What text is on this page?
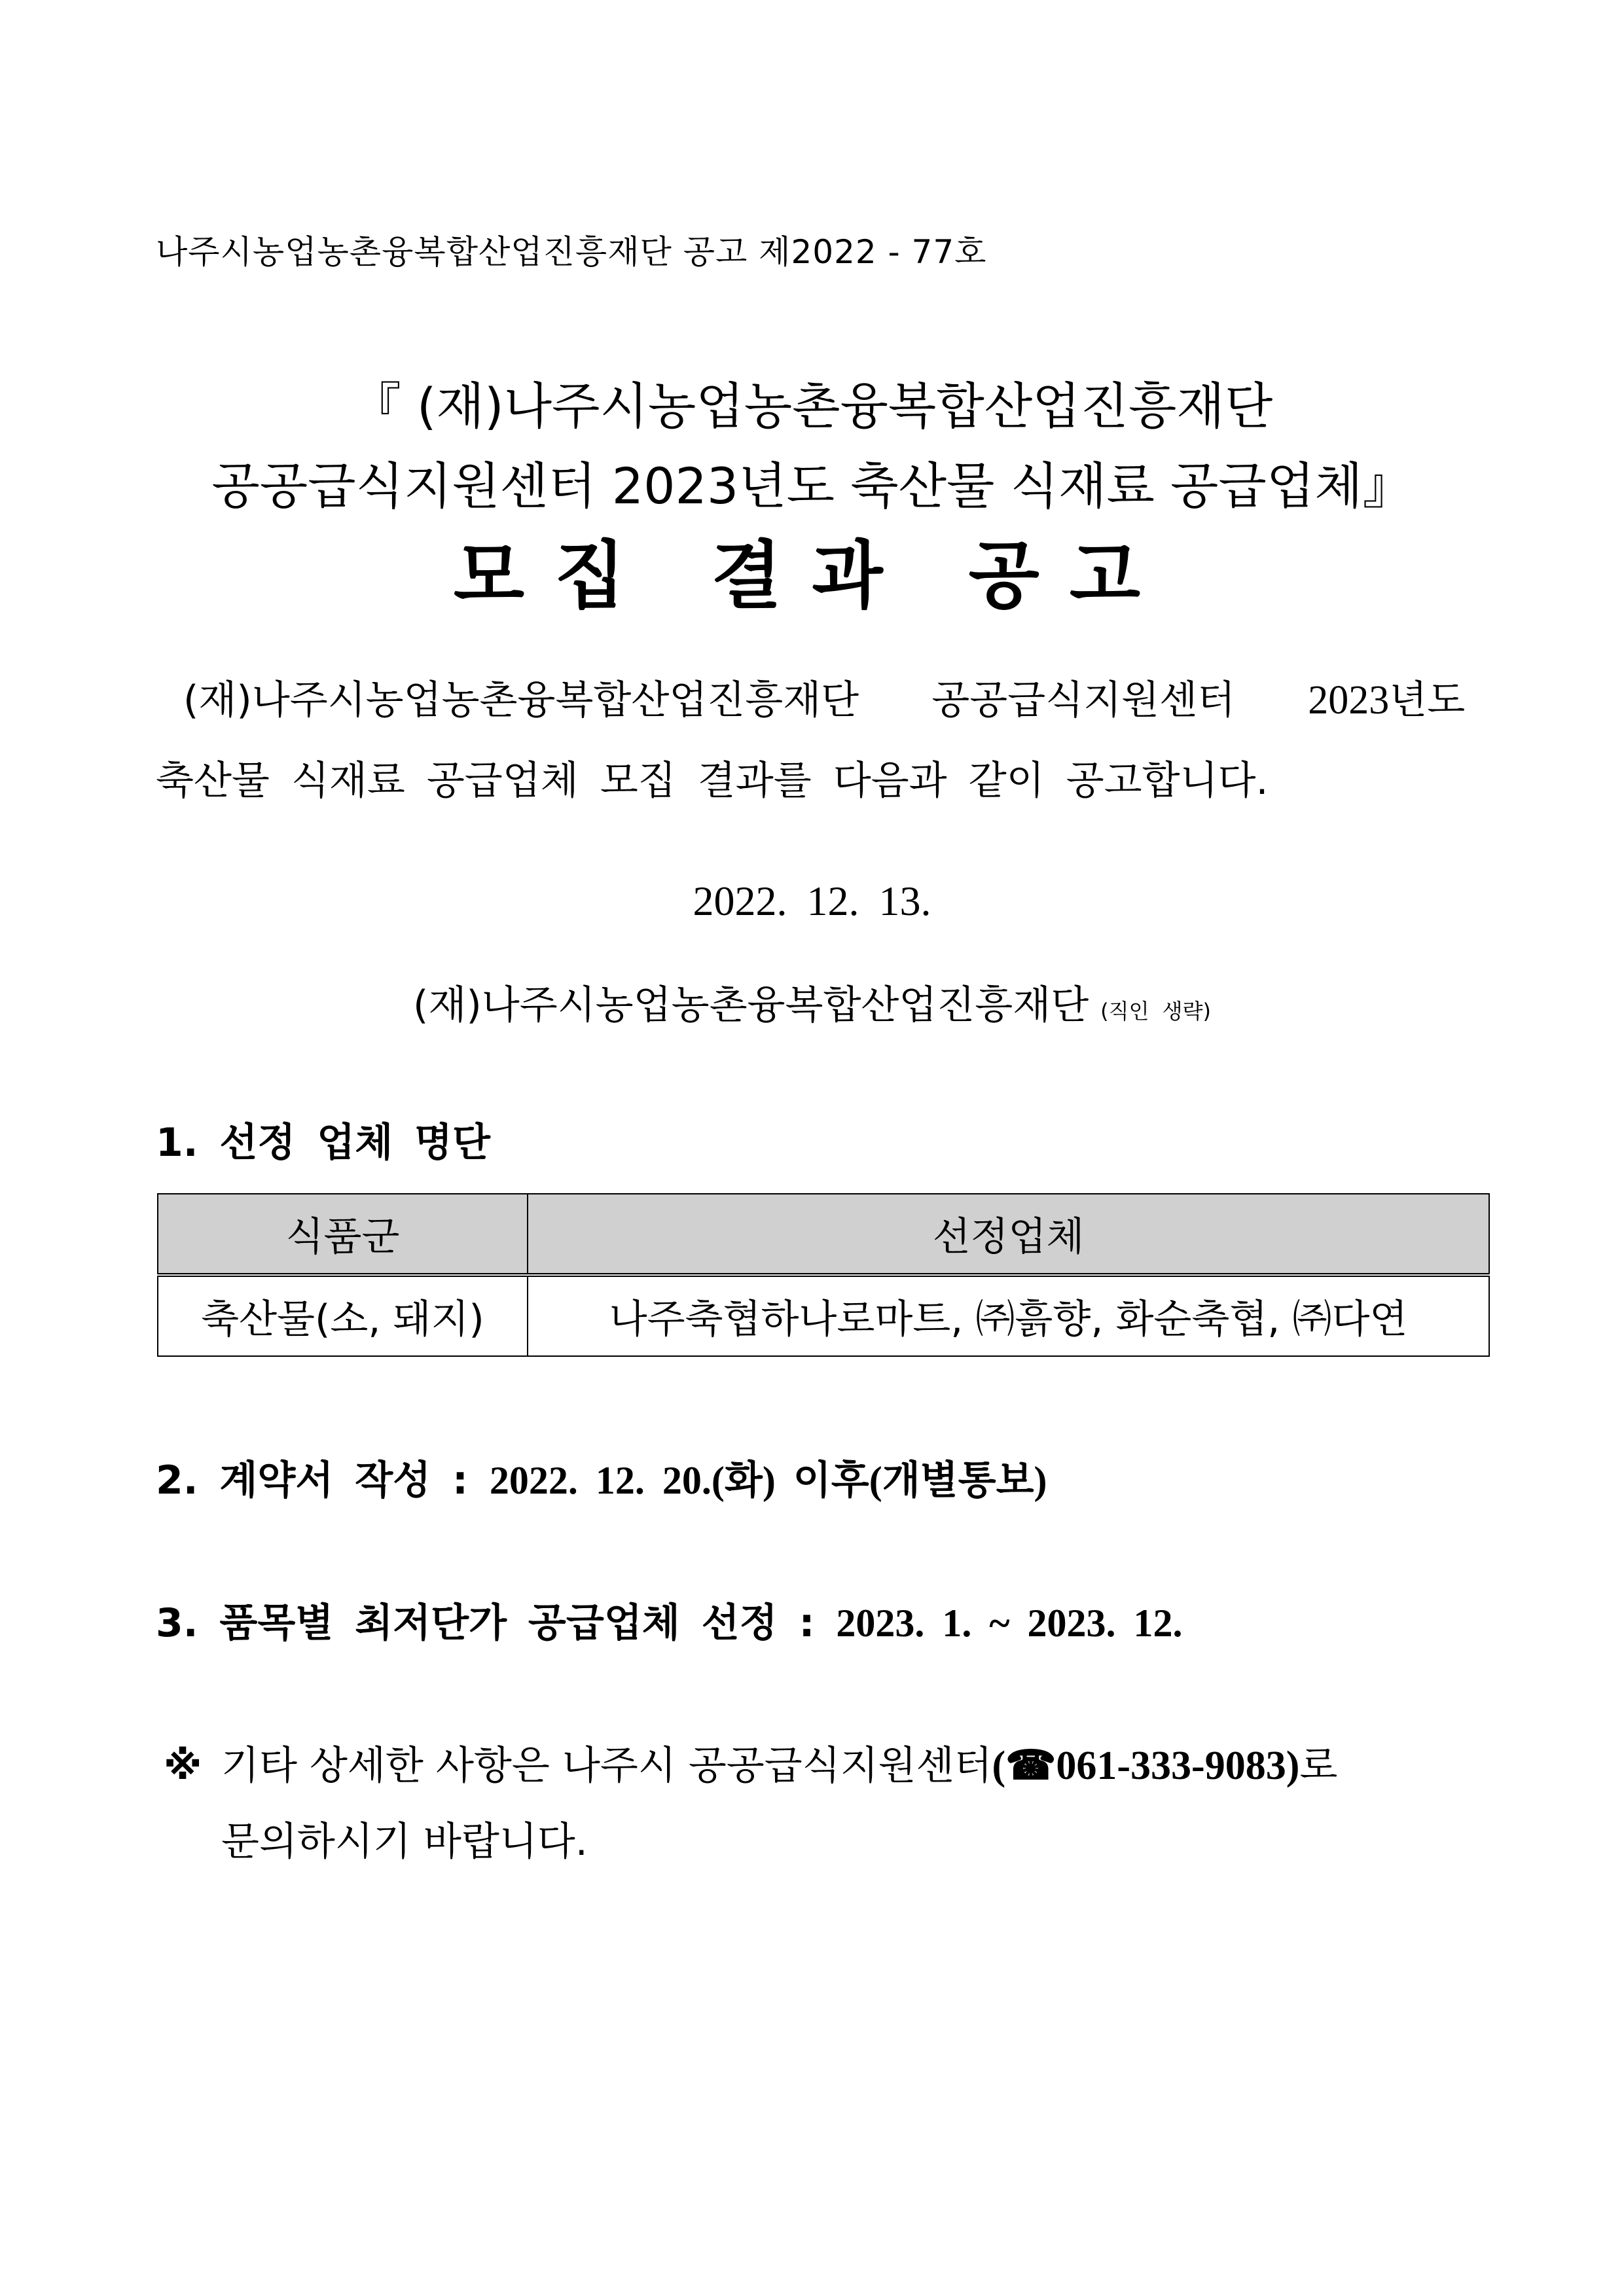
나주시농업농촌융복합산업진흥재단 공고 제2022 - 77호
『 (재)나주시농업농촌융복합산업진흥재단
공공급식지원센터 2023년도 축산물 식재료 공급업체』
모집 결과 공고
(재)나주시농업농촌융복합산업진흥재단   공공급식지원센터   2023년도
축산물 식재료 공급업체 모집 결과를 다음과 같이 공고합니다.
2022. 12. 13.
(재)나주시농업농촌융복합산업진흥재단 (직인 생략)
1. 선정 업체 명단
식품군	선정업체
축산물(소, 돼지)	나주축협하나로마트, ㈜흙향, 화순축협, ㈜다연
2. 계약서 작성 : 2022. 12. 20.(화) 이후(개별통보)
3. 품목별 최저단가 공급업체 선정 : 2023. 1. ~ 2023. 12.
※ 기타 상세한 사항은 나주시 공공급식지원센터(☎061-333-9083)로
문의하시기 바랍니다.
